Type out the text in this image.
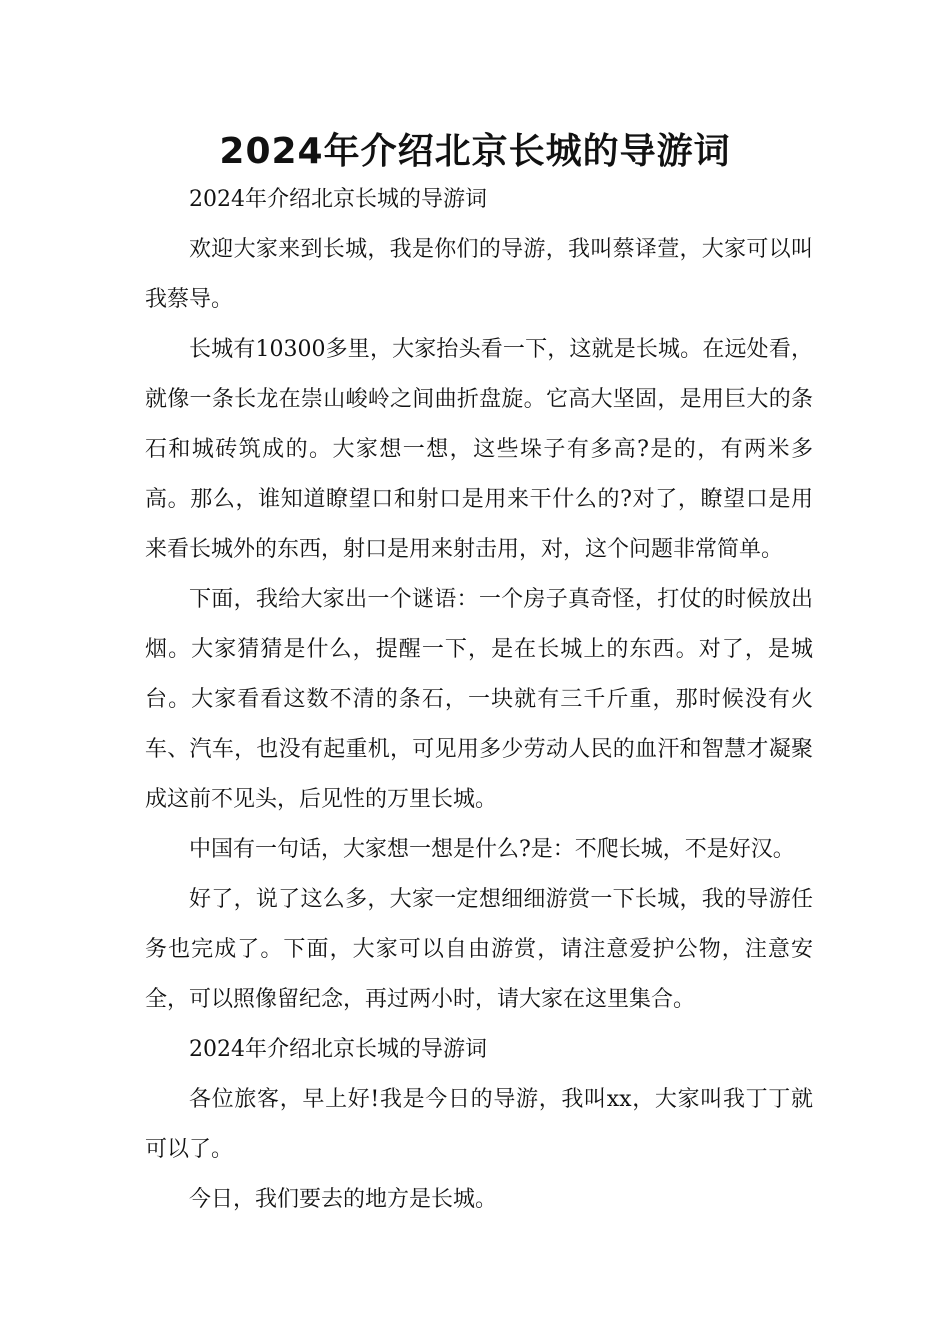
2024年介绍北京长城的导游词

2024年介绍北京长城的导游词

欢迎大家来到长城，我是你们的导游，我叫蔡译萱，大家可以叫我蔡导。

长城有10300多里，大家抬头看一下，这就是长城。在远处看，就像一条长龙在崇山峻岭之间曲折盘旋。它高大坚固，是用巨大的条石和城砖筑成的。大家想一想，这些垛子有多高?是的，有两米多高。那么，谁知道瞭望口和射口是用来干什么的?对了，瞭望口是用来看长城外的东西，射口是用来射击用，对，这个问题非常简单。

下面，我给大家出一个谜语：一个房子真奇怪，打仗的时候放出烟。大家猜猜是什么，提醒一下，是在长城上的东西。对了，是城台。大家看看这数不清的条石，一块就有三千斤重，那时候没有火车、汽车，也没有起重机，可见用多少劳动人民的血汗和智慧才凝聚成这前不见头，后见性的万里长城。

中国有一句话，大家想一想是什么?是：不爬长城，不是好汉。

好了，说了这么多，大家一定想细细游赏一下长城，我的导游任务也完成了。下面，大家可以自由游赏，请注意爱护公物，注意安全，可以照像留纪念，再过两小时，请大家在这里集合。

2024年介绍北京长城的导游词

各位旅客，早上好!我是今日的导游，我叫xx，大家叫我丁丁就可以了。

今日，我们要去的地方是长城。
